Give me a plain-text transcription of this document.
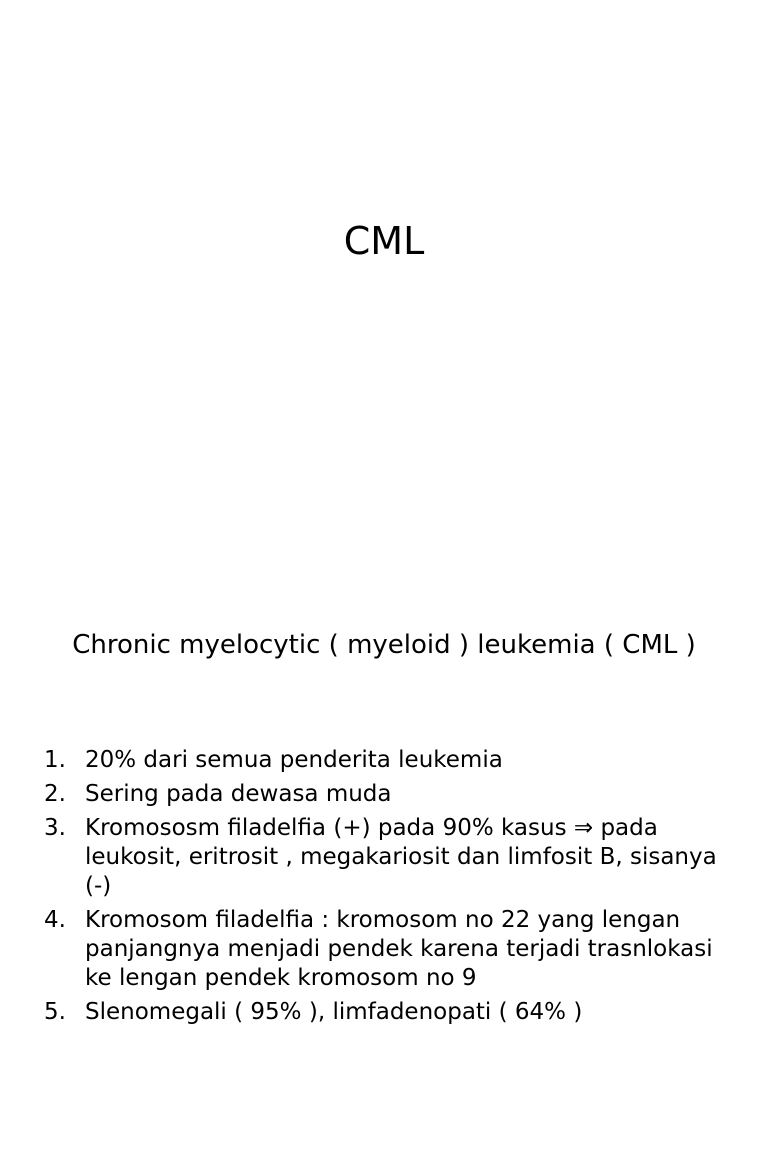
CML
Chronic myelocytic ( myeloid ) leukemia ( CML )
1. 20% dari semua penderita leukemia
2. Sering pada dewasa muda
3. Kromososm filadelfia (+) pada 90% kasus ⇒ pada leukosit, eritrosit , megakariosit dan limfosit B, sisanya (-)
4. Kromosom filadelfia : kromosom no 22 yang lengan panjangnya menjadi pendek karena terjadi trasnlokasi ke lengan pendek kromosom no 9
5. Slenomegali ( 95% ), limfadenopati ( 64% )
